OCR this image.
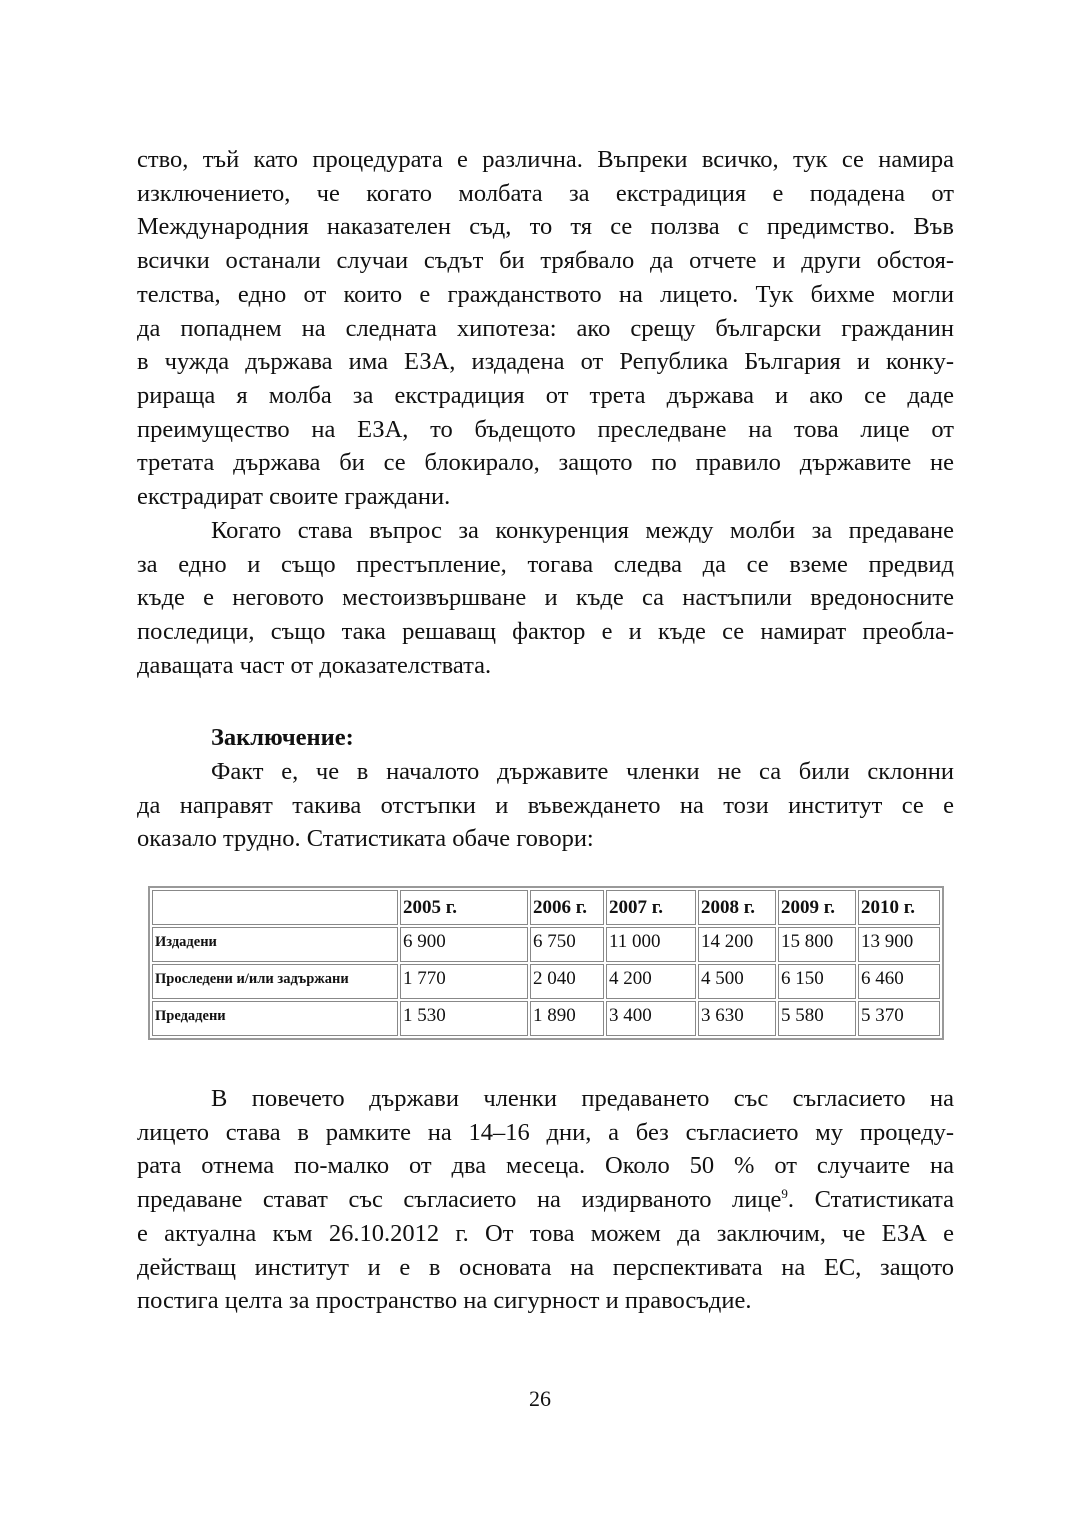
ство, тъй като процедурата е различна. Въпреки всичко, тук се намира
изключението, че когато молбата за екстрадиция е подадена от
Международния наказателен съд, то тя се ползва с предимство. Във
всички останали случаи съдът би трябвало да отчете и други обстоя-
телства, едно от които е гражданството на лицето. Тук бихме могли
да попаднем на следната хипотеза: ако срещу български гражданин
в чужда държава има ЕЗА, издадена от Република България и конку-
рираща я молба за екстрадиция от трета държава и ако се даде
преимущество на ЕЗА, то бъдещото преследване на това лице от
третата държава би се блокирало, защото по правило държавите не
екстрадират своите граждани.
Когато става въпрос за конкуренция между молби за предаване
за едно и също престъпление, тогава следва да се вземе предвид
къде е неговото местоизвършване и къде са настъпили вредоносните
последици, също така решаващ фактор е и къде се намират преобла-
даващата част от доказателствата.
Заключение:
Факт е, че в началото държавите членки не са били склонни
да направят такива отстъпки и въвеждането на този институт се е
оказало трудно. Статистиката обаче говори:
	2005 г.	2006 г.	2007 г.	2008 г.	2009 г.	2010 г.
Издадени	6 900	6 750	11 000	14 200	15 800	13 900
Проследени и/или задържани	1 770	2 040	4 200	4 500	6 150	6 460
Предадени	1 530	1 890	3 400	3 630	5 580	5 370
В повечето държави членки предаването със съгласието на
лицето става в рамките на 14–16 дни, а без съгласието му процеду-
рата отнема по-малко от два месеца. Около 50 % от случаите на
предаване стават със съгласието на издирваното лице$^9$. Статистиката
е актуална към 26.10.2012 г. От това можем да заключим, че ЕЗА е
действащ институт и е в основата на перспективата на ЕС, защото
постига целта за пространство на сигурност и правосъдие.
26
